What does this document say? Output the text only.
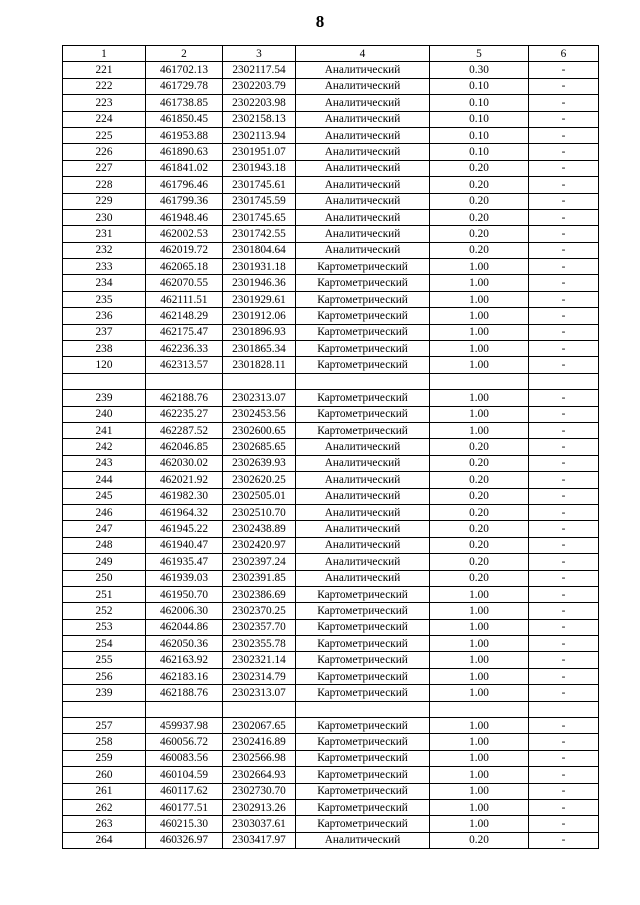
8
1	2	3	4	5	6
221	461702.13	2302117.54	Аналитический	0.30	-
222	461729.78	2302203.79	Аналитический	0.10	-
223	461738.85	2302203.98	Аналитический	0.10	-
224	461850.45	2302158.13	Аналитический	0.10	-
225	461953.88	2302113.94	Аналитический	0.10	-
226	461890.63	2301951.07	Аналитический	0.10	-
227	461841.02	2301943.18	Аналитический	0.20	-
228	461796.46	2301745.61	Аналитический	0.20	-
229	461799.36	2301745.59	Аналитический	0.20	-
230	461948.46	2301745.65	Аналитический	0.20	-
231	462002.53	2301742.55	Аналитический	0.20	-
232	462019.72	2301804.64	Аналитический	0.20	-
233	462065.18	2301931.18	Картометрический	1.00	-
234	462070.55	2301946.36	Картометрический	1.00	-
235	462111.51	2301929.61	Картометрический	1.00	-
236	462148.29	2301912.06	Картометрический	1.00	-
237	462175.47	2301896.93	Картометрический	1.00	-
238	462236.33	2301865.34	Картометрический	1.00	-
120	462313.57	2301828.11	Картометрический	1.00	-

239	462188.76	2302313.07	Картометрический	1.00	-
240	462235.27	2302453.56	Картометрический	1.00	-
241	462287.52	2302600.65	Картометрический	1.00	-
242	462046.85	2302685.65	Аналитический	0.20	-
243	462030.02	2302639.93	Аналитический	0.20	-
244	462021.92	2302620.25	Аналитический	0.20	-
245	461982.30	2302505.01	Аналитический	0.20	-
246	461964.32	2302510.70	Аналитический	0.20	-
247	461945.22	2302438.89	Аналитический	0.20	-
248	461940.47	2302420.97	Аналитический	0.20	-
249	461935.47	2302397.24	Аналитический	0.20	-
250	461939.03	2302391.85	Аналитический	0.20	-
251	461950.70	2302386.69	Картометрический	1.00	-
252	462006.30	2302370.25	Картометрический	1.00	-
253	462044.86	2302357.70	Картометрический	1.00	-
254	462050.36	2302355.78	Картометрический	1.00	-
255	462163.92	2302321.14	Картометрический	1.00	-
256	462183.16	2302314.79	Картометрический	1.00	-
239	462188.76	2302313.07	Картометрический	1.00	-

257	459937.98	2302067.65	Картометрический	1.00	-
258	460056.72	2302416.89	Картометрический	1.00	-
259	460083.56	2302566.98	Картометрический	1.00	-
260	460104.59	2302664.93	Картометрический	1.00	-
261	460117.62	2302730.70	Картометрический	1.00	-
262	460177.51	2302913.26	Картометрический	1.00	-
263	460215.30	2303037.61	Картометрический	1.00	-
264	460326.97	2303417.97	Аналитический	0.20	-
